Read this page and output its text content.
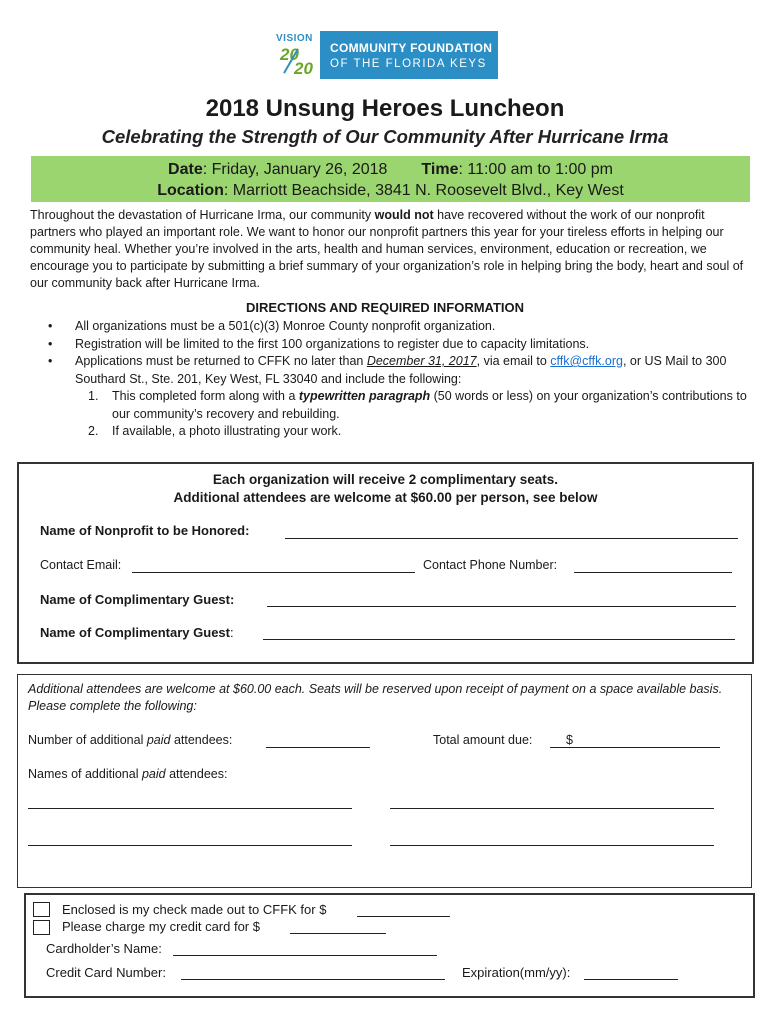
VISION
20
20
COMMUNITY FOUNDATION
OF THE FLORIDA KEYS
2018 Unsung Heroes Luncheon
Celebrating the Strength of Our Community After Hurricane Irma
Date: Friday, January 26, 2018 Time: 11:00 am to 1:00 pm
Location: Marriott Beachside, 3841 N. Roosevelt Blvd., Key West
Throughout the devastation of Hurricane Irma, our community would not have recovered without the work of our nonprofit partners who played an important role. We want to honor our nonprofit partners this year for your tireless efforts in helping our community heal. Whether you’re involved in the arts, health and human services, environment, education or recreation, we encourage you to participate by submitting a brief summary of your organization’s role in helping bring the body, heart and soul of our community back after Hurricane Irma.
DIRECTIONS AND REQUIRED INFORMATION
• All organizations must be a 501(c)(3) Monroe County nonprofit organization.
• Registration will be limited to the first 100 organizations to register due to capacity limitations.
• Applications must be returned to CFFK no later than December 31, 2017, via email to cffk@cffk.org, or US Mail to 300 Southard St., Ste. 201, Key West, FL 33040 and include the following:
1.	This completed form along with a typewritten paragraph (50 words or less) on your organization’s contributions to our community’s recovery and rebuilding.
2.	If available, a photo illustrating your work.
Each organization will receive 2 complimentary seats.
Additional attendees are welcome at $60.00 per person, see below
Name of Nonprofit to be Honored:
Contact Email:	Contact Phone Number:
Name of Complimentary Guest:
Name of Complimentary Guest:
Additional attendees are welcome at $60.00 each. Seats will be reserved upon receipt of payment on a space available basis. Please complete the following:
Number of additional paid attendees:	Total amount due:	$
Names of additional paid attendees:
Enclosed is my check made out to CFFK for $
Please charge my credit card for $
Cardholder’s Name:
Credit Card Number:	Expiration(mm/yy):
